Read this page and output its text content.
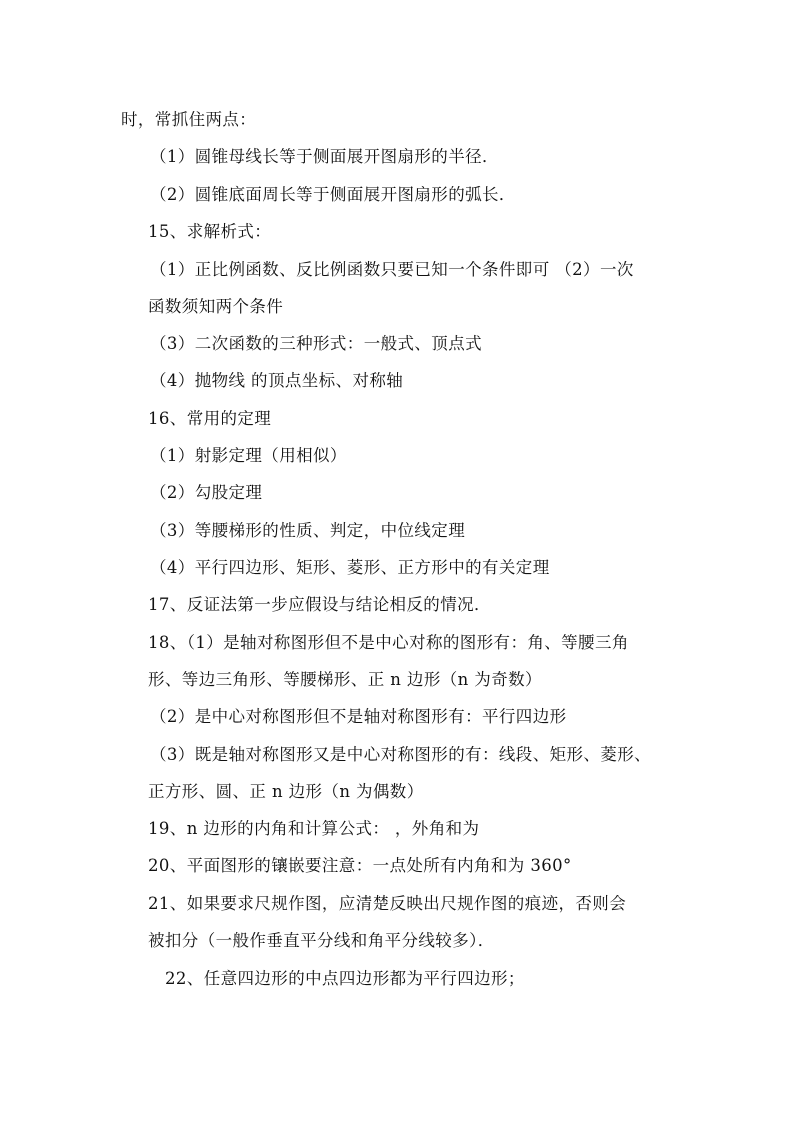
时，常抓住两点：
（1）圆锥母线长等于侧面展开图扇形的半径．
（2）圆锥底面周长等于侧面展开图扇形的弧长．
15、求解析式：
（1）正比例函数、反比例函数只要已知一个条件即可 （2）一次
函数须知两个条件
（3）二次函数的三种形式：一般式、顶点式
（4）抛物线 的顶点坐标、对称轴
16、常用的定理
（1）射影定理（用相似）
（2）勾股定理
（3）等腰梯形的性质、判定，中位线定理
（4）平行四边形、矩形、菱形、正方形中的有关定理
17、反证法第一步应假设与结论相反的情况．
18、（1）是轴对称图形但不是中心对称的图形有：角、等腰三角
形、等边三角形、等腰梯形、正 n 边形（n 为奇数）
（2）是中心对称图形但不是轴对称图形有：平行四边形
（3）既是轴对称图形又是中心对称图形的有：线段、矩形、菱形、
正方形、圆、正 n 边形（n 为偶数）
19、n 边形的内角和计算公式： ，外角和为
20、平面图形的镶嵌要注意：一点处所有内角和为 360°
21、如果要求尺规作图，应清楚反映出尺规作图的痕迹，否则会
被扣分（一般作垂直平分线和角平分线较多）．
22、任意四边形的中点四边形都为平行四边形；
